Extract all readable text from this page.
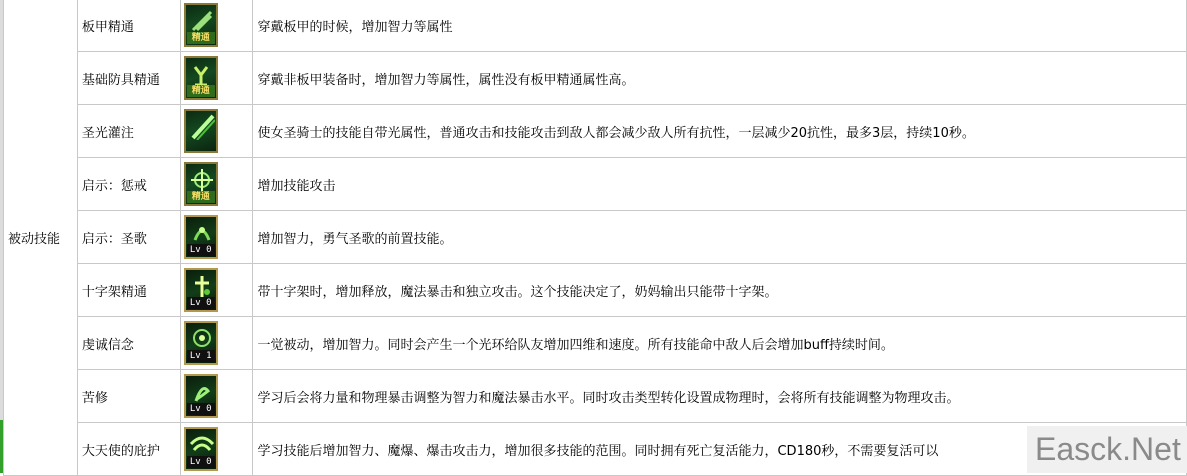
被动技能	板甲精通	精通	穿戴板甲的时候，增加智力等属性
	基础防具精通	精通	穿戴非板甲装备时，增加智力等属性，属性没有板甲精通属性高。
	圣光灌注		使女圣骑士的技能自带光属性，普通攻击和技能攻击到敌人都会减少敌人所有抗性，一层减少20抗性，最多3层，持续10秒。
	启示：惩戒	精通	增加技能攻击
	启示：圣歌	Lv 0	增加智力，勇气圣歌的前置技能。
	十字架精通	Lv 0	带十字架时，增加释放，魔法暴击和独立攻击。这个技能决定了，奶妈输出只能带十字架。
	虔诚信念	Lv 1	一觉被动，增加智力。同时会产生一个光环给队友增加四维和速度。所有技能命中敌人后会增加buff持续时间。
	苦修	Lv 0	学习后会将力量和物理暴击调整为智力和魔法暴击水平。同时攻击类型转化设置成物理时，会将所有技能调整为物理攻击。
	大天使的庇护	Lv 0	学习技能后增加智力、魔爆、爆击攻击力，增加很多技能的范围。同时拥有死亡复活能力，CD180秒，不需要复活可以	Easck.Net
